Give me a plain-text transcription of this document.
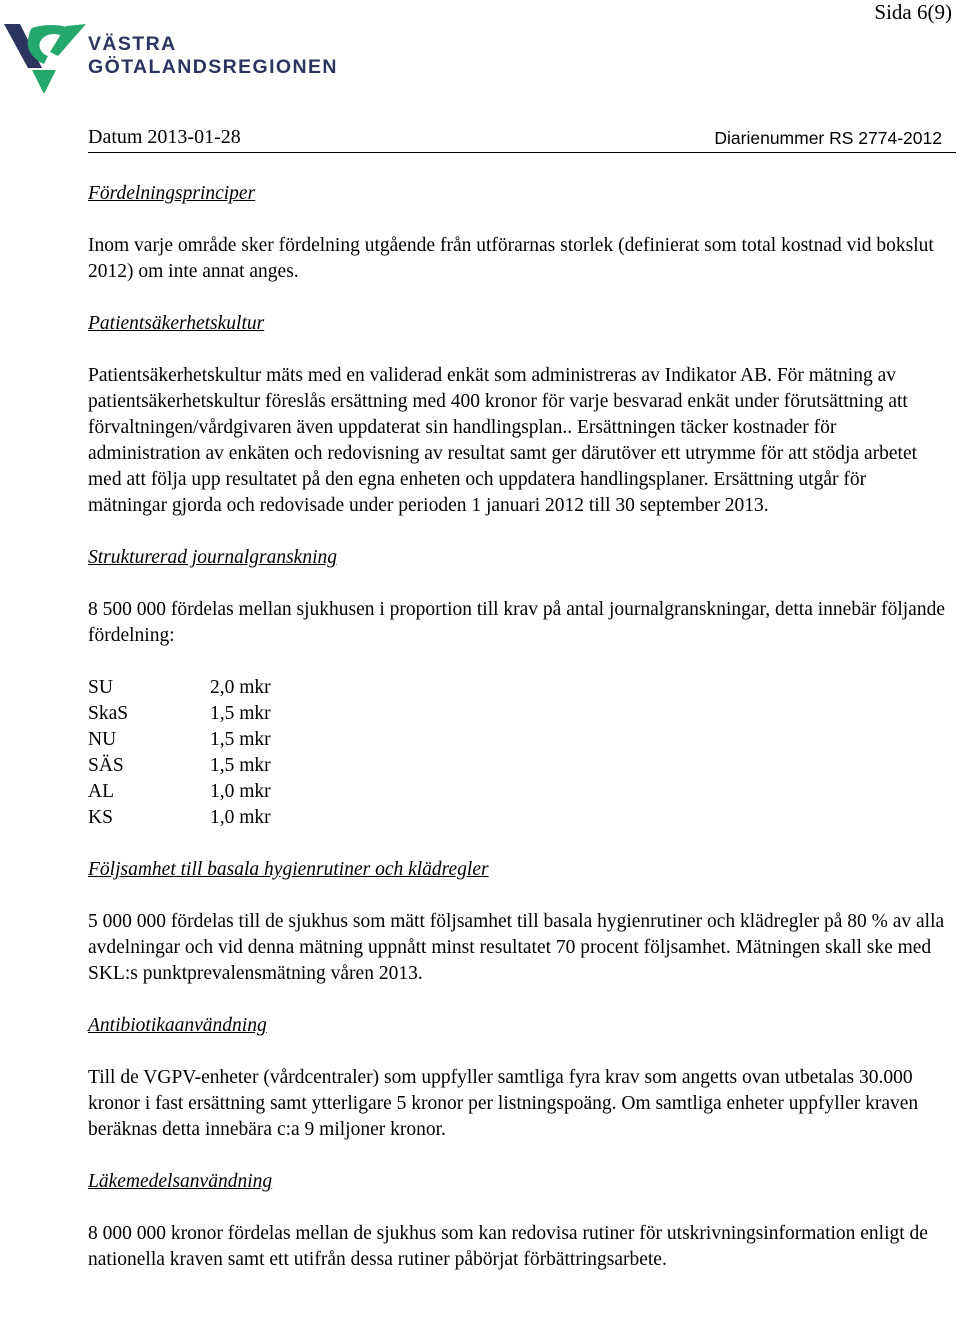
Sida 6(9)
VÄSTRA
GÖTALANDSREGIONEN
Datum 2013-01-28	Diarienummer RS 2774-2012

Fördelningsprinciper

Inom varje område sker fördelning utgående från utförarnas storlek (definierat som total kostnad vid bokslut 2012) om inte annat anges.

Patientsäkerhetskultur

Patientsäkerhetskultur mäts med en validerad enkät som administreras av Indikator AB. För mätning av patientsäkerhetskultur föreslås ersättning med 400 kronor för varje besvarad enkät under förutsättning att förvaltningen/vårdgivaren även uppdaterat sin handlingsplan.. Ersättningen täcker kostnader för administration av enkäten och redovisning av resultat samt ger därutöver ett utrymme för att stödja arbetet med att följa upp resultatet på den egna enheten och uppdatera handlingsplaner. Ersättning utgår för mätningar gjorda och redovisade under perioden 1 januari 2012 till 30 september 2013.

Strukturerad journalgranskning

8 500 000 fördelas mellan sjukhusen i proportion till krav på antal journalgranskningar, detta innebär följande fördelning:

SU	2,0 mkr
SkaS	1,5 mkr
NU	1,5 mkr
SÄS	1,5 mkr
AL	1,0 mkr
KS	1,0 mkr

Följsamhet till basala hygienrutiner och klädregler

5 000 000 fördelas till de sjukhus som mätt följsamhet till basala hygienrutiner och klädregler på 80 % av alla avdelningar och vid denna mätning uppnått minst resultatet 70 procent följsamhet. Mätningen skall ske med SKL:s punktprevalensmätning våren 2013.

Antibiotikaanvändning

Till de VGPV-enheter (vårdcentraler) som uppfyller samtliga fyra krav som angetts ovan utbetalas 30.000 kronor i fast ersättning samt ytterligare 5 kronor per listningspoäng. Om samtliga enheter uppfyller kraven beräknas detta innebära c:a 9 miljoner kronor.

Läkemedelsanvändning

8 000 000 kronor fördelas mellan de sjukhus som kan redovisa rutiner för utskrivningsinformation enligt de nationella kraven samt ett utifrån dessa rutiner påbörjat förbättringsarbete.
